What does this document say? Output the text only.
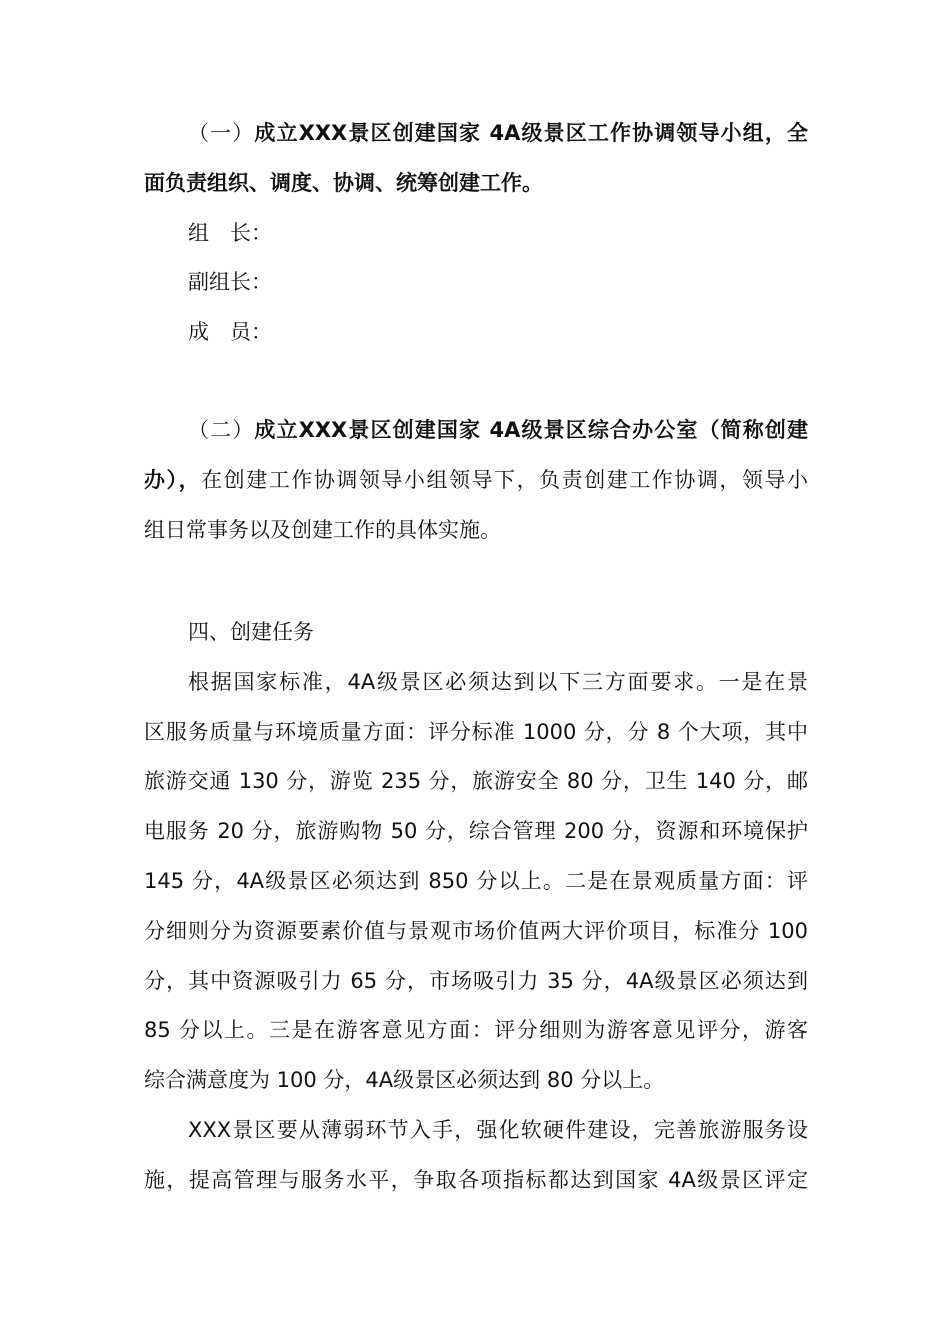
（一）成立XXX景区创建国家 4A级景区工作协调领导小组，全
面负责组织、调度、协调、统筹创建工作。
组　长：
副组长：
成　员：
（二）成立XXX景区创建国家 4A级景区综合办公室（简称创建
办），在创建工作协调领导小组领导下，负责创建工作协调，领导小
组日常事务以及创建工作的具体实施。
四、创建任务
根据国家标准，4A级景区必须达到以下三方面要求。一是在景
区服务质量与环境质量方面：评分标准 1000 分，分 8 个大项，其中
旅游交通 130 分，游览 235 分，旅游安全 80 分，卫生 140 分，邮
电服务 20 分，旅游购物 50 分，综合管理 200 分，资源和环境保护
145 分，4A级景区必须达到 850 分以上。二是在景观质量方面：评
分细则分为资源要素价值与景观市场价值两大评价项目，标准分 100
分，其中资源吸引力 65 分，市场吸引力 35 分，4A级景区必须达到
85 分以上。三是在游客意见方面：评分细则为游客意见评分，游客
综合满意度为 100 分，4A级景区必须达到 80 分以上。
XXX景区要从薄弱环节入手，强化软硬件建设，完善旅游服务设
施，提高管理与服务水平，争取各项指标都达到国家 4A级景区评定
